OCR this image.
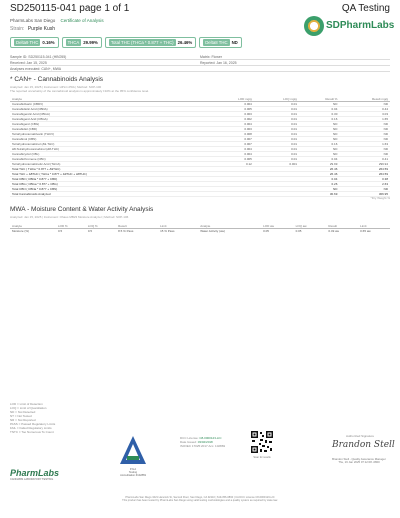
SD250115-041 page 1 of 1	QA Testing
PharmLabs San Diego Certificate of Analysis
Strain: Purple Kush
Delta9 THC 0.16%	THCA 29.99%	Total THC (THCa * 0.877 + THC) 26.46%	Delta8 THC ND
SDPharmLabs
Sample ID: SD250115-041 (HBO55)	Matrix: Flower
Received: Jan 15, 2025	Reported: Jan 16, 2025
Analyses executed: CAN+, MWA
* CAN+ - Cannabinoids Analysis
Analyzed: Jan 15, 2025 | Instrument: HPLC-PDA | Method: SOP-100
The reported uncertainty of the cannabinoid analysis is approximately ±10% at the 95% confidence level.
Analyte	LOD mg/g	LOQ mg/g	Result %	Result mg/g
Cannabidivarin (CBDV)	0.004	0.01	ND	ND
Cannabidiolic Acid (CBDA)	0.005	0.01	0.04	0.44
Cannabigerolic Acid (CBGA)	0.003	0.01	0.30	3.03
Cannabigerol Acid (CBGA)	0.002	0.01	0.16	1.65
Cannabigerol (CBG)	0.004	0.01	ND	ND
Cannabidiol (CBD)	0.003	0.01	ND	ND
Tetrahydrocannabivarin (THCV)	0.008	0.01	ND	ND
Cannabinol (CBN)	0.007	0.01	ND	ND
Tetrahydrocannabinol (Δ9-THC)	0.007	0.01	0.16	1.63
Δ8-Tetrahydrocannabinol (Δ8-THC)	0.004	0.01	ND	ND
Cannabicyclol (CBL)	0.004	0.01	ND	ND
Cannabichromene (CBC)	0.005	0.01	0.04	0.41
Tetrahydrocannabinolic Acid (THCA)	0.12	0.001	29.99	299.94
Total THC ( THCa * 0.877 + Δ9THC)			26.46	264.59
Total THC + Δ8THC ( THCa * 0.877 + Δ9THC + Δ8THC)			26.46	264.59
Total CBD ( CBDa * 0.877 + CBD)			0.04	0.38
Total CBG ( CBGa * 0.877 + CBG)			0.26	2.63
Total CBN ( CBNa * 0.877 + CBN)			ND	ND
Total Cannabinoids Analyzed			30.69	306.95
*Dry Weight %
MWA - Moisture Content & Water Activity Analysis
Analyzed: Jan 15, 2025 | Instrument: Ohaus MB23 Moisture Analyzer | Method: SOP-106
Analyte	LOD %	LOQ %	Result	Limit	Analyte	LOD aw	LOQ aw	Result	Limit
Moisture (%)	0.5	0.5	8.5 % Pass	15 % Pass	Water Activity (aw)	0.05	0.05	0.49 aw	0.65 aw
LOD = Limit of Detection
LOQ = Limit of Quantitation
ND = Not Detected
NT = Not Tested
NR = Not Reported
PASS = Passed Regulatory Limits
FAIL = Failed Regulatory Limits
TNTC = Too Numerous To Count
PharmLabs
CANNABIS LABORATORY TESTING
PJLA
Testing
Accreditation #102869
DCC License: C8-0000123-LIC
Date Issued: 03/02/2018
ISO/IEC 17025:2017 Acc. 102869
Scan for results
Authorized Signature
Brandon Stell
Brandon Stell - Quality Assurance Manager
Thu, 16 Jan 2025 07:12:08 -0800
PharmLabs San Diego 3421 Hancock St, Second Floor, San Diego, CA 92110 | 619-356-0890 | CA DCC License C8-0000123-LIC
This product has been tested by PharmLabs San Diego using valid testing methodologies and a quality system as required by state law.
